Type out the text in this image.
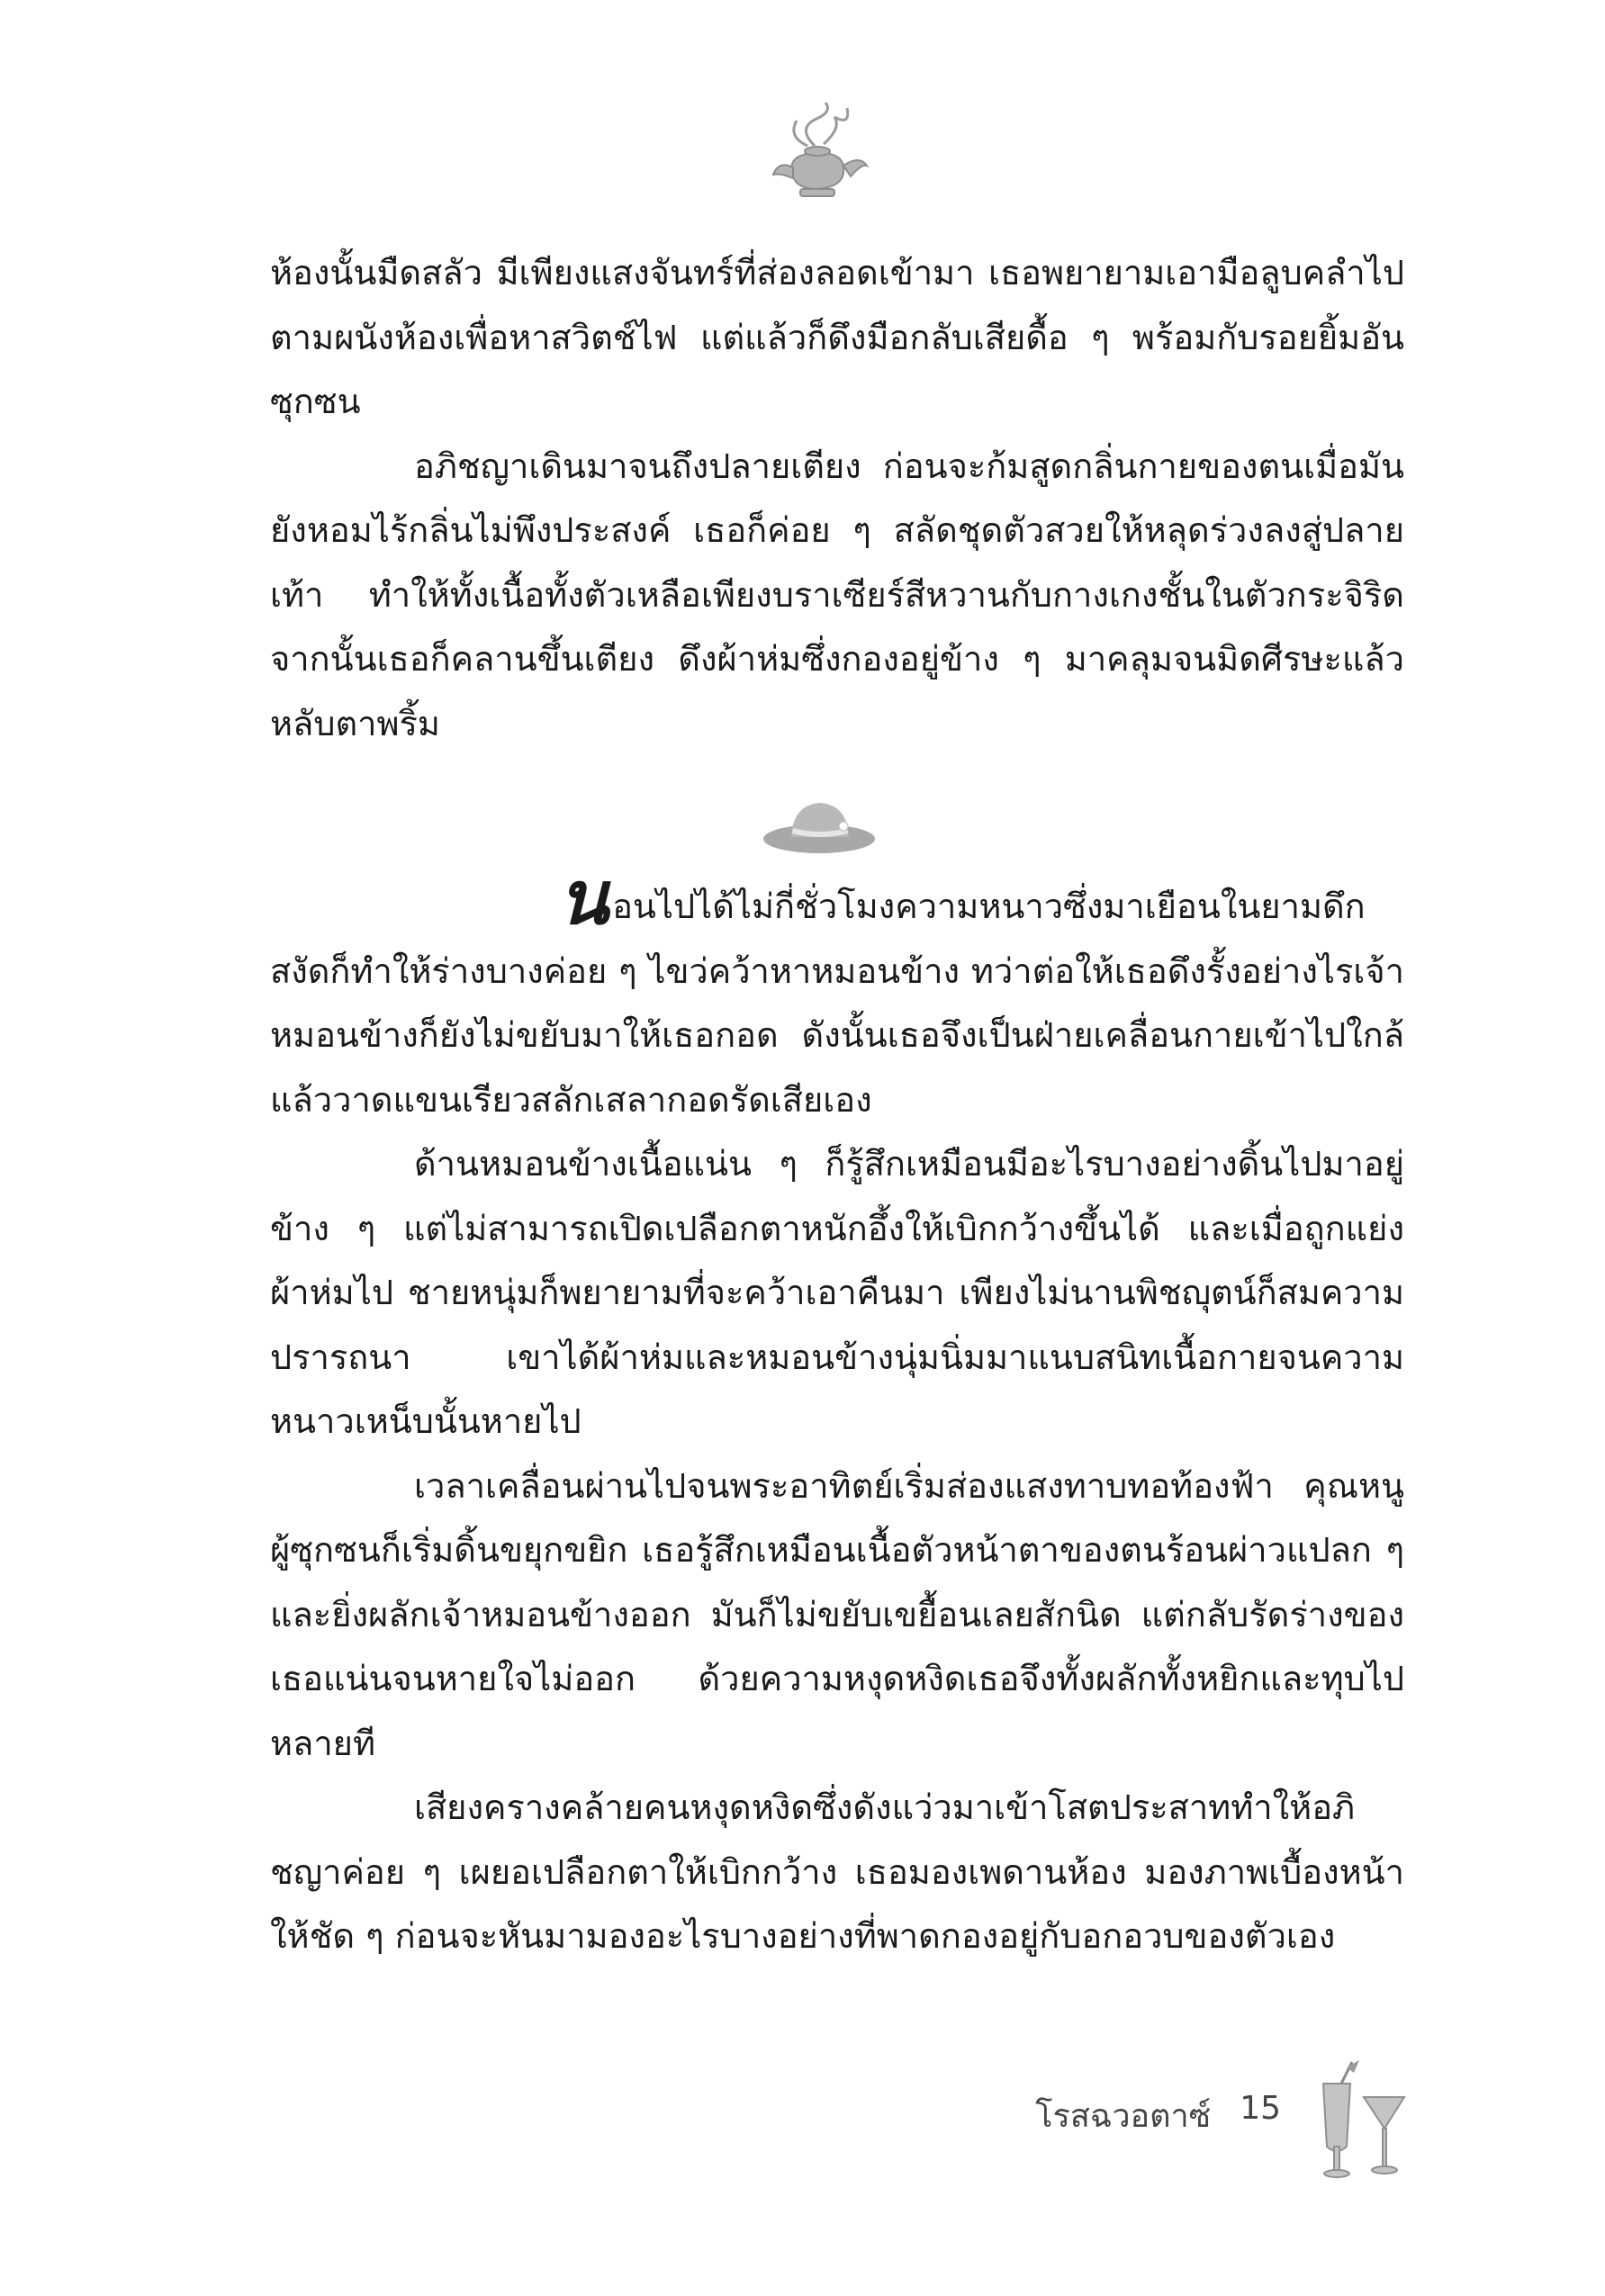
ห้องนั้นมืดสลัว มีเพียงแสงจันทร์ที่ส่องลอดเข้ามา เธอพยายามเอามือลูบคลำไปตามผนังห้องเพื่อหาสวิตช์ไฟ แต่แล้วก็ดึงมือกลับเสียดื้อ ๆ พร้อมกับรอยยิ้มอันซุกซน

อภิชญาเดินมาจนถึงปลายเตียง ก่อนจะก้มสูดกลิ่นกายของตนเมื่อมันยังหอมไร้กลิ่นไม่พึงประสงค์ เธอก็ค่อย ๆ สลัดชุดตัวสวยให้หลุดร่วงลงสู่ปลายเท้า ทำให้ทั้งเนื้อทั้งตัวเหลือเพียงบราเซียร์สีหวานกับกางเกงชั้นในตัวกระจิริด จากนั้นเธอก็คลานขึ้นเตียง ดึงผ้าห่มซึ่งกองอยู่ข้าง ๆ มาคลุมจนมิดศีรษะแล้วหลับตาพริ้ม

นอนไปได้ไม่กี่ชั่วโมงความหนาวซึ่งมาเยือนในยามดึกสงัดก็ทำให้ร่างบางค่อย ๆ ไขว่คว้าหาหมอนข้าง ทว่าต่อให้เธอดึงรั้งอย่างไรเจ้าหมอนข้างก็ยังไม่ขยับมาให้เธอกอด ดังนั้นเธอจึงเป็นฝ่ายเคลื่อนกายเข้าไปใกล้แล้ววาดแขนเรียวสลักเสลากอดรัดเสียเอง

ด้านหมอนข้างเนื้อแน่น ๆ ก็รู้สึกเหมือนมีอะไรบางอย่างดิ้นไปมาอยู่ข้าง ๆ แต่ไม่สามารถเปิดเปลือกตาหนักอึ้งให้เบิกกว้างขึ้นได้ และเมื่อถูกแย่งผ้าห่มไป ชายหนุ่มก็พยายามที่จะคว้าเอาคืนมา เพียงไม่นานพิชญุตน์ก็สมความปรารถนา เขาได้ผ้าห่มและหมอนข้างนุ่มนิ่มมาแนบสนิทเนื้อกายจนความหนาวเหน็บนั้นหายไป

เวลาเคลื่อนผ่านไปจนพระอาทิตย์เริ่มส่องแสงทาบทอท้องฟ้า คุณหนูผู้ซุกซนก็เริ่มดิ้นขยุกขยิก เธอรู้สึกเหมือนเนื้อตัวหน้าตาของตนร้อนผ่าวแปลก ๆ และยิ่งผลักเจ้าหมอนข้างออก มันก็ไม่ขยับเขยื้อนเลยสักนิด แต่กลับรัดร่างของเธอแน่นจนหายใจไม่ออก ด้วยความหงุดหงิดเธอจึงทั้งผลักทั้งหยิกและทุบไปหลายที

เสียงครางคล้ายคนหงุดหงิดซึ่งดังแว่วมาเข้าโสตประสาททำให้อภิชญาค่อย ๆ เผยอเปลือกตาให้เบิกกว้าง เธอมองเพดานห้อง มองภาพเบื้องหน้าให้ชัด ๆ ก่อนจะหันมามองอะไรบางอย่างที่พาดกองอยู่กับอกอวบของตัวเอง

โรสฉวอตาซ์ 15
